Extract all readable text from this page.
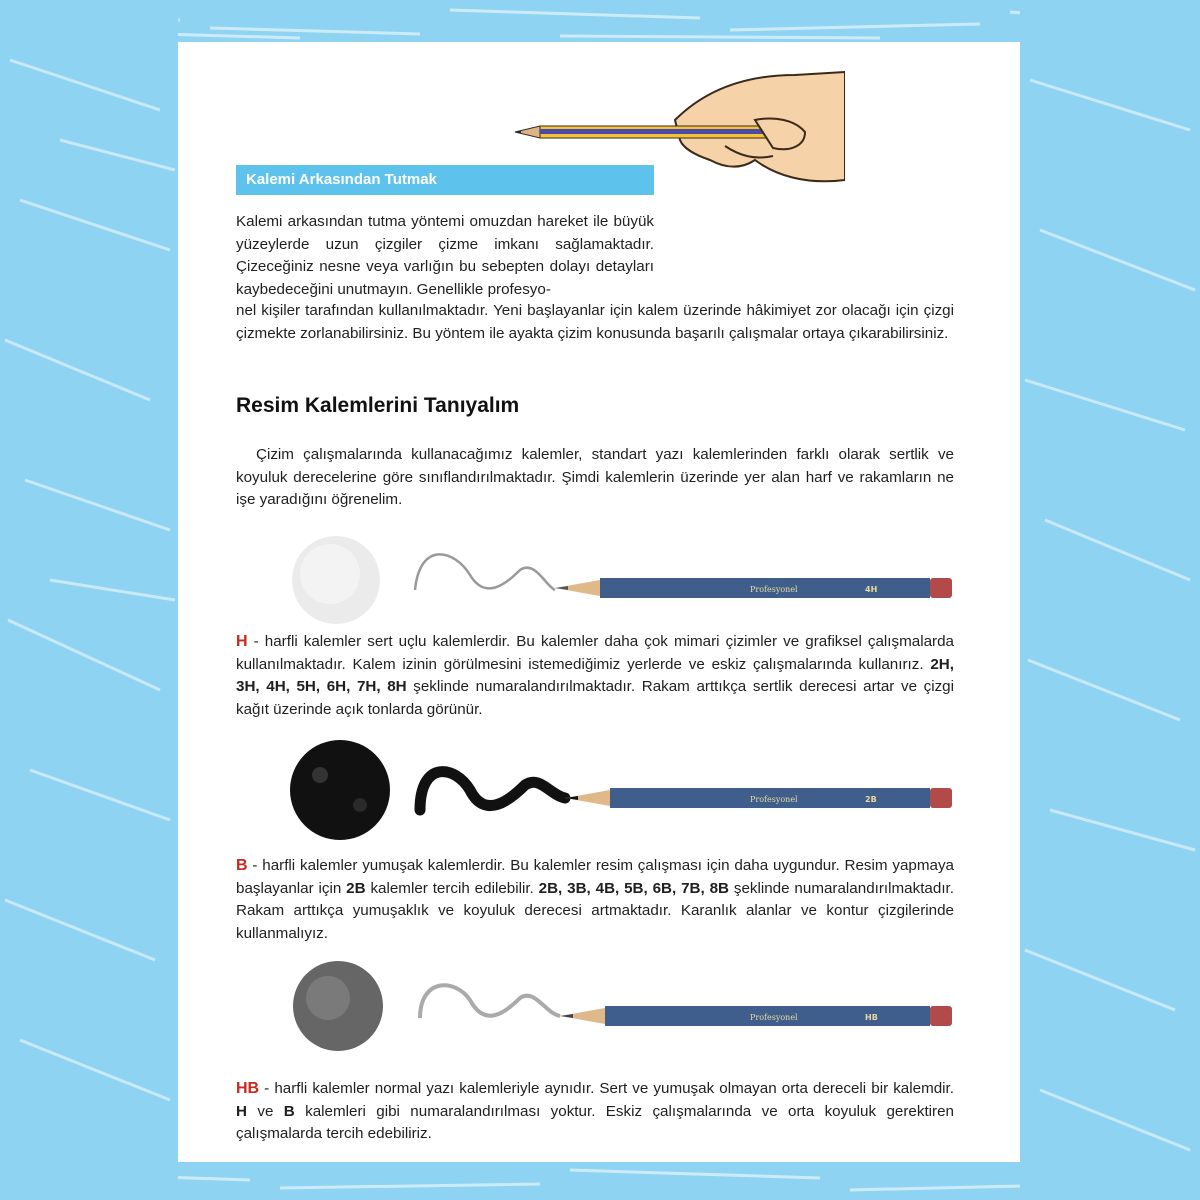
Kalemi Arkasından Tutmak
Kalemi arkasından tutma yöntemi omuzdan hareket ile büyük yüzeylerde uzun çizgiler çizme imkanı sağlamaktadır. Çizeceğiniz nesne veya varlığın bu sebepten dolayı detayları kaybedeceğini unutmayın. Genellikle profesyo-
nel kişiler tarafından kullanılmaktadır. Yeni başlayanlar için kalem üzerinde hâkimiyet zor olacağı için çizgi çizmekte zorlanabilirsiniz. Bu yöntem ile ayakta çizim konusunda başarılı çalışmalar ortaya çıkarabilirsiniz.
Resim Kalemlerini Tanıyalım
Çizim çalışmalarında kullanacağımız kalemler, standart yazı kalemlerinden farklı olarak sertlik ve koyuluk derecelerine göre sınıflandırılmaktadır. Şimdi kalemlerin üzerinde yer alan harf ve rakamların ne işe yaradığını öğrenelim.
Profesyonel	4H
H - harfli kalemler sert uçlu kalemlerdir. Bu kalemler daha çok mimari çizimler ve grafiksel çalışmalarda kullanılmaktadır. Kalem izinin görülmesini istemediğimiz yerlerde ve eskiz çalışmalarında kullanırız. 2H, 3H, 4H, 5H, 6H, 7H, 8H şeklinde numaralandırılmaktadır. Rakam arttıkça sertlik derecesi artar ve çizgi kağıt üzerinde açık tonlarda görünür.
Profesyonel	2B
B - harfli kalemler yumuşak kalemlerdir. Bu kalemler resim çalışması için daha uygundur. Resim yapmaya başlayanlar için 2B kalemler tercih edilebilir. 2B, 3B, 4B, 5B, 6B, 7B, 8B şeklinde numaralandırılmaktadır. Rakam arttıkça yumuşaklık ve koyuluk derecesi artmaktadır. Karanlık alanlar ve kontur çizgilerinde kullanmalıyız.
Profesyonel	HB
HB - harfli kalemler normal yazı kalemleriyle aynıdır. Sert ve yumuşak olmayan orta dereceli bir kalemdir. H ve B kalemleri gibi numaralandırılması yoktur. Eskiz çalışmalarında ve orta koyuluk gerektiren çalışmalarda tercih edebiliriz.
